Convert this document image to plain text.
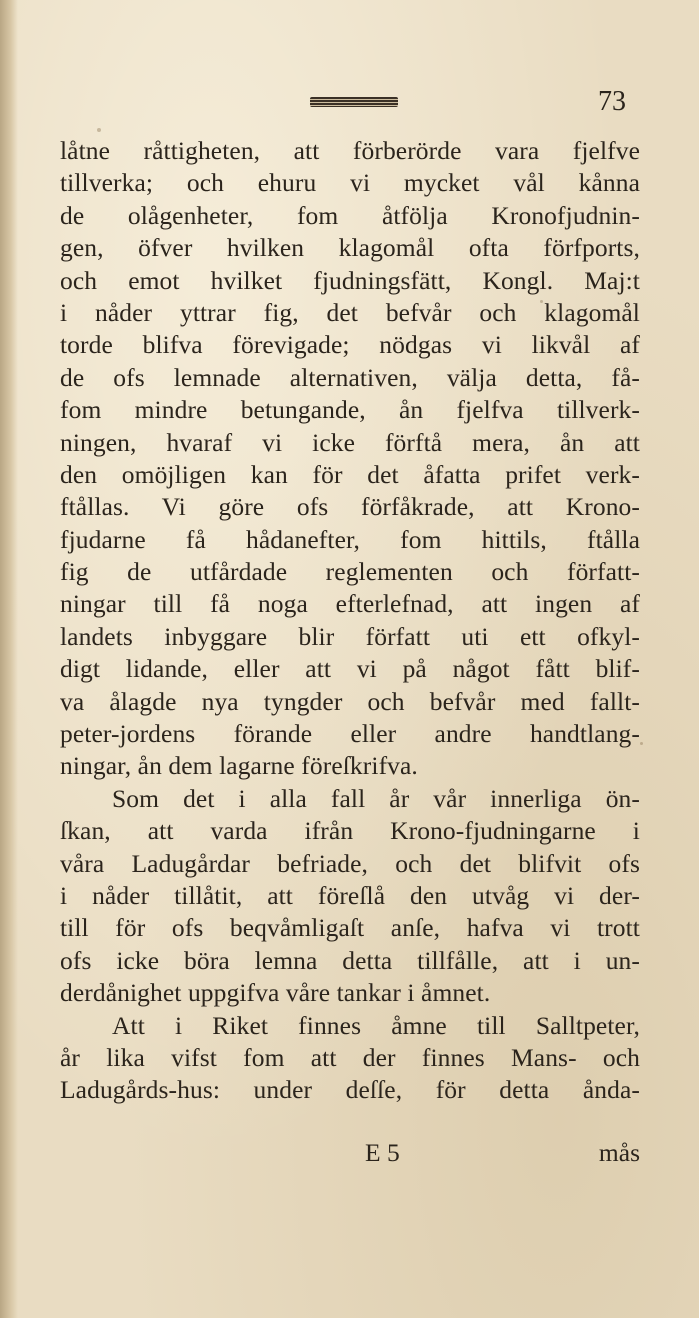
73
låtne råttigheten, att förberörde vara fjelfve
tillverka; och ehuru vi mycket vål kånna
de olågenheter, fom åtfölja Kronofjudnin-
gen, öfver hvilken klagomål ofta förfports,
och emot hvilket fjudningsfätt, Kongl. Maj:t
i nåder yttrar fig, det befvår och klagomål
torde blifva förevigade; nödgas vi likvål af
de ofs lemnade alternativen, välja detta, få-
fom mindre betungande, ån fjelfva tillverk-
ningen, hvaraf vi icke förftå mera, ån att
den omöjligen kan för det åfatta prifet verk-
ftållas. Vi göre ofs förfåkrade, att Krono-
fjudarne få hådanefter, fom hittils, ftålla
fig de utfårdade reglementen och författ-
ningar till få noga efterlefnad, att ingen af
landets inbyggare blir författ uti ett ofkyl-
digt lidande, eller att vi på något fått blif-
va ålagde nya tyngder och befvår med fallt-
peter-jordens förande eller andre handtlang-
ningar, ån dem lagarne föreſkrifva.
Som det i alla fall år vår innerliga ön-
ſkan, att varda ifrån Krono-fjudningarne i
våra Ladugårdar befriade, och det blifvit ofs
i nåder tillåtit, att föreſlå den utvåg vi der-
till för ofs beqvåmligaſt anſe, hafva vi trott
ofs icke böra lemna detta tillfålle, att i un-
derdånighet uppgifva våre tankar i åmnet.
Att i Riket finnes åmne till Salltpeter,
år lika vifst fom att der finnes Mans- och
Ladugårds-hus: under deſſe, för detta ånda-
E 5	mås
